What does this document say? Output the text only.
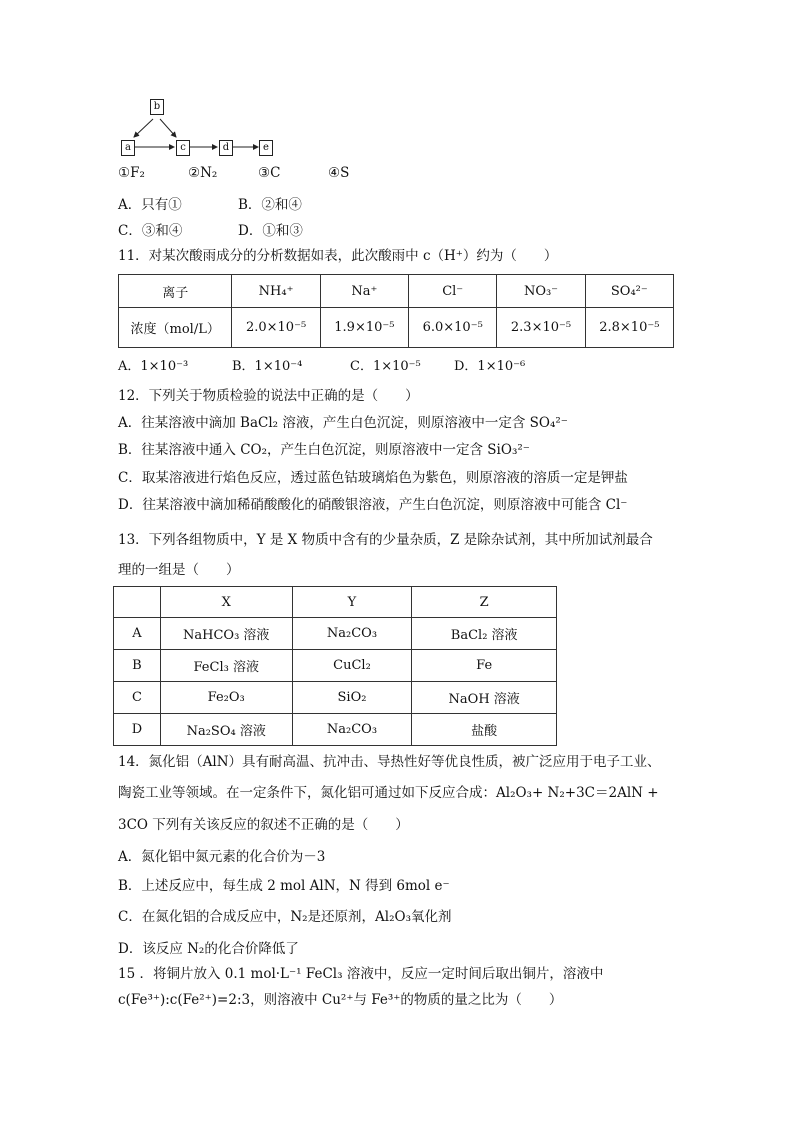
b
a	c	d	e
①F₂	②N₂	③C	④S
A．只有①	B．②和④
C．③和④	D．①和③
11．对某次酸雨成分的分析数据如表，此次酸雨中 c（H⁺）约为（　　）
离子	NH₄⁺	Na⁺	Cl⁻	NO₃⁻	SO₄²⁻
浓度（mol/L）	2.0×10⁻⁵	1.9×10⁻⁵	6.0×10⁻⁵	2.3×10⁻⁵	2.8×10⁻⁵
A．1×10⁻³	B．1×10⁻⁴	C．1×10⁻⁵	D．1×10⁻⁶
12．下列关于物质检验的说法中正确的是（　　）
A．往某溶液中滴加 BaCl₂ 溶液，产生白色沉淀，则原溶液中一定含 SO₄²⁻
B．往某溶液中通入 CO₂，产生白色沉淀，则原溶液中一定含 SiO₃²⁻
C．取某溶液进行焰色反应，透过蓝色钴玻璃焰色为紫色，则原溶液的溶质一定是钾盐
D．往某溶液中滴加稀硝酸酸化的硝酸银溶液，产生白色沉淀，则原溶液中可能含 Cl⁻
13．下列各组物质中，Y 是 X 物质中含有的少量杂质，Z 是除杂试剂，其中所加试剂最合
理的一组是（　　）
	X	Y	Z
A	NaHCO₃ 溶液	Na₂CO₃	BaCl₂ 溶液
B	FeCl₃ 溶液	CuCl₂	Fe
C	Fe₂O₃	SiO₂	NaOH 溶液
D	Na₂SO₄ 溶液	Na₂CO₃	盐酸
14．氮化铝（AlN）具有耐高温、抗冲击、导热性好等优良性质，被广泛应用于电子工业、
陶瓷工业等领域。在一定条件下，氮化铝可通过如下反应合成：Al₂O₃+ N₂+3C＝2AlN +
3CO 下列有关该反应的叙述不正确的是（　　）
A．氮化铝中氮元素的化合价为－3
B．上述反应中，每生成 2 mol AlN，N 得到 6mol e⁻
C．在氮化铝的合成反应中，N₂是还原剂，Al₂O₃氧化剂
D．该反应 N₂的化合价降低了
15 ．将铜片放入 0.1 mol·L⁻¹ FeCl₃ 溶液中，反应一定时间后取出铜片，溶液中
c(Fe³⁺):c(Fe²⁺)=2:3，则溶液中 Cu²⁺与 Fe³⁺的物质的量之比为（　　）
